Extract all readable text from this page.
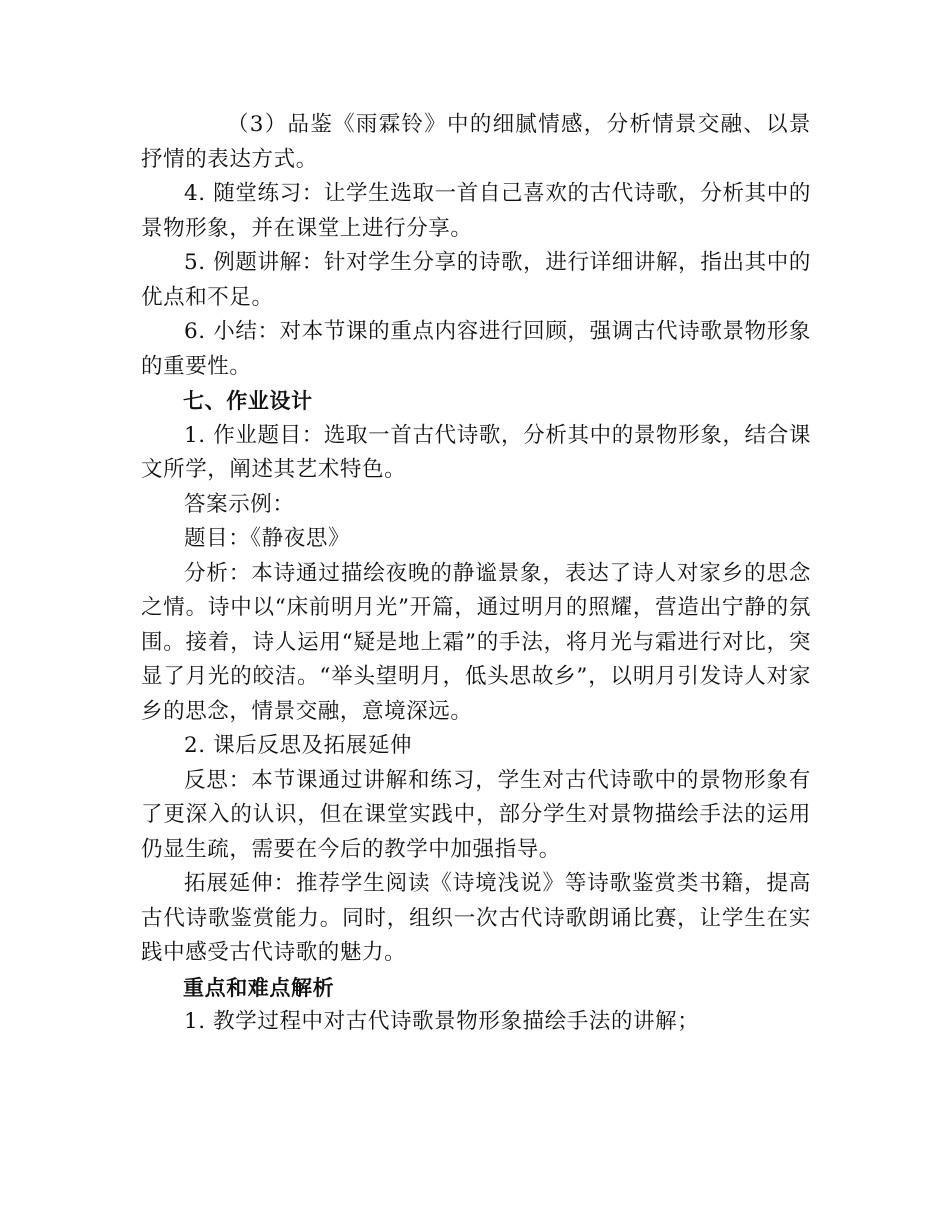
（3）品鉴《雨霖铃》中的细腻情感，分析情景交融、以景抒情的表达方式。

4. 随堂练习：让学生选取一首自己喜欢的古代诗歌，分析其中的景物形象，并在课堂上进行分享。

5. 例题讲解：针对学生分享的诗歌，进行详细讲解，指出其中的优点和不足。

6. 小结：对本节课的重点内容进行回顾，强调古代诗歌景物形象的重要性。

七、作业设计

1. 作业题目：选取一首古代诗歌，分析其中的景物形象，结合课文所学，阐述其艺术特色。

答案示例：

题目：《静夜思》

分析：本诗通过描绘夜晚的静谧景象，表达了诗人对家乡的思念之情。诗中以“床前明月光”开篇，通过明月的照耀，营造出宁静的氛围。接着，诗人运用“疑是地上霜”的手法，将月光与霜进行对比，突显了月光的皎洁。“举头望明月，低头思故乡”，以明月引发诗人对家乡的思念，情景交融，意境深远。

2. 课后反思及拓展延伸

反思：本节课通过讲解和练习，学生对古代诗歌中的景物形象有了更深入的认识，但在课堂实践中，部分学生对景物描绘手法的运用仍显生疏，需要在今后的教学中加强指导。

拓展延伸：推荐学生阅读《诗境浅说》等诗歌鉴赏类书籍，提高古代诗歌鉴赏能力。同时，组织一次古代诗歌朗诵比赛，让学生在实践中感受古代诗歌的魅力。

重点和难点解析

1. 教学过程中对古代诗歌景物形象描绘手法的讲解；
